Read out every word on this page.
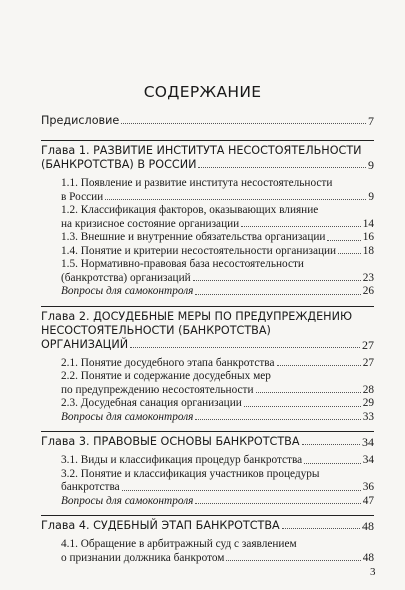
СОДЕРЖАНИЕ
Предисловие	7
Глава 1. РАЗВИТИЕ ИНСТИТУТА НЕСОСТОЯТЕЛЬНОСТИ
(БАНКРОТСТВА) В РОССИИ	9
1.1. Появление и развитие института несостоятельности
в России	9
1.2. Классификация факторов, оказывающих влияние
на кризисное состояние организации	14
1.3. Внешние и внутренние обязательства организации	16
1.4. Понятие и критерии несостоятельности организации 18
1.5. Нормативно-правовая база несостоятельности
(банкротства) организаций	23
Вопросы для самоконтроля	26
Глава 2. ДОСУДЕБНЫЕ МЕРЫ ПО ПРЕДУПРЕЖДЕНИЮ
НЕСОСТОЯТЕЛЬНОСТИ (БАНКРОТСТВА)
ОРГАНИЗАЦИЙ	27
2.1. Понятие досудебного этапа банкротства	27
2.2. Понятие и содержание досудебных мер
по предупреждению несостоятельности	28
2.3. Досудебная санация организации	29
Вопросы для самоконтроля	33
Глава 3. ПРАВОВЫЕ ОСНОВЫ БАНКРОТСТВА	34
3.1. Виды и классификация процедур банкротства	34
3.2. Понятие и классификация участников процедуры
банкротства	36
Вопросы для самоконтроля	47
Глава 4. СУДЕБНЫЙ ЭТАП БАНКРОТСТВА	48
4.1. Обращение в арбитражный суд с заявлением
о признании должника банкротом	48
3
